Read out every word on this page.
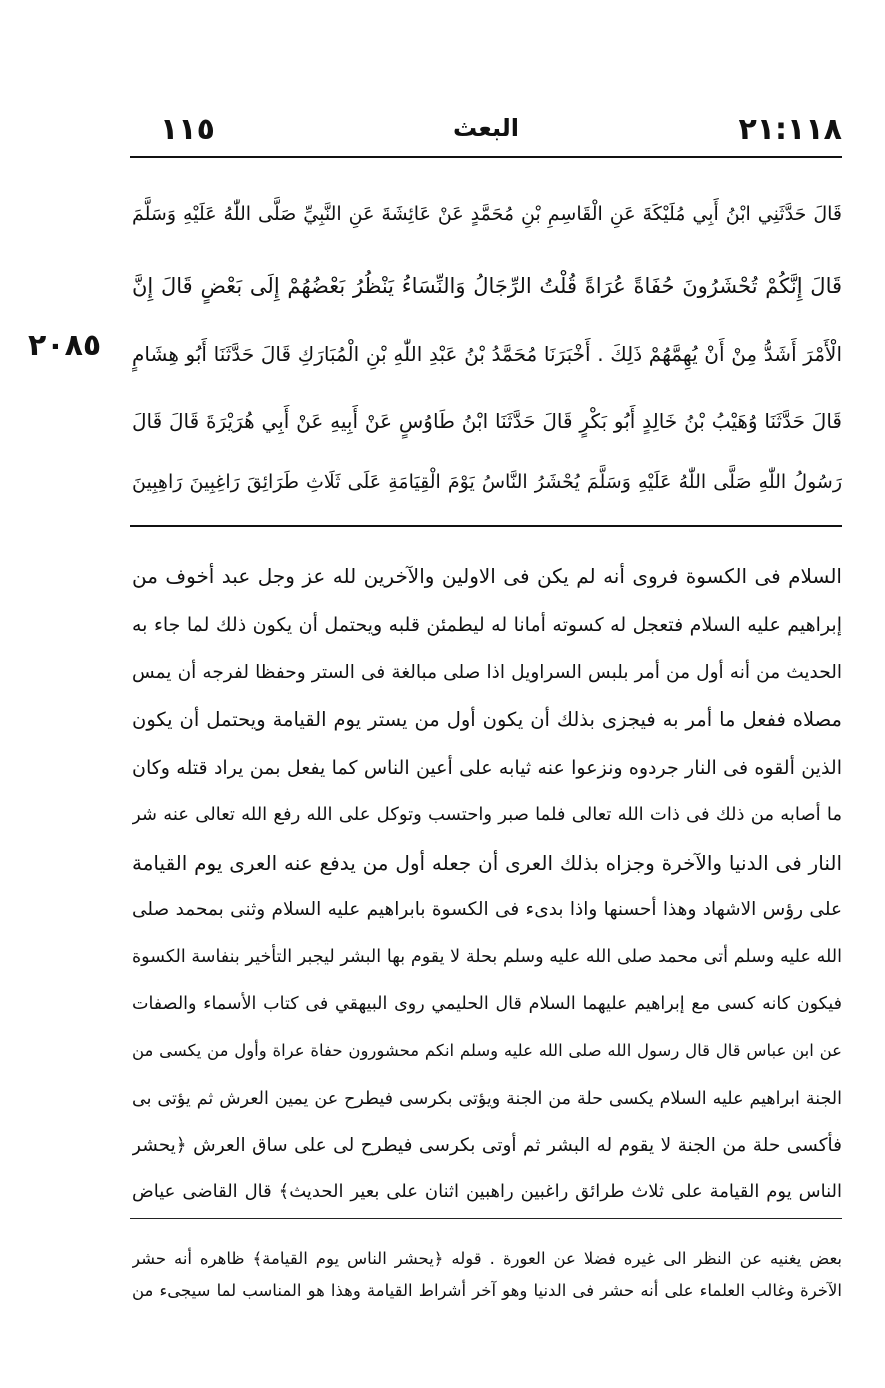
٢١:١١٨
البعث
١١٥
٢٠٨٥
قَالَ حَدَّثَنِي ابْنُ أَبِي مُلَيْكَةَ عَنِ الْقَاسِمِ بْنِ مُحَمَّدٍ عَنْ عَائِشَةَ عَنِ النَّبِيِّ صَلَّى اللّٰهُ عَلَيْهِ وَسَلَّمَ
قَالَ إِنَّكُمْ تُحْشَرُونَ حُفَاةً عُرَاةً قُلْتُ الرِّجَالُ وَالنِّسَاءُ يَنْظُرُ بَعْضُهُمْ إِلَى بَعْضٍ قَالَ إِنَّ
الْأَمْرَ أَشَدُّ مِنْ أَنْ يُهِمَّهُمْ ذَلِكَ . أَخْبَرَنَا مُحَمَّدُ بْنُ عَبْدِ اللّٰهِ بْنِ الْمُبَارَكِ قَالَ حَدَّثَنَا أَبُو هِشَامٍ
قَالَ حَدَّثَنَا وُهَيْبُ بْنُ خَالِدٍ أَبُو بَكْرٍ قَالَ حَدَّثَنَا ابْنُ طَاوُسٍ عَنْ أَبِيهِ عَنْ أَبِي هُرَيْرَةَ قَالَ قَالَ
رَسُولُ اللّٰهِ صَلَّى اللّٰهُ عَلَيْهِ وَسَلَّمَ يُحْشَرُ النَّاسُ يَوْمَ الْقِيَامَةِ عَلَى ثَلَاثِ طَرَائِقَ رَاغِبِينَ رَاهِبِينَ
السلام فى الكسوة فروى أنه لم يكن فى الاولين والآخرين لله عز وجل عبد أخوف من
إبراهيم عليه السلام فتعجل له كسوته أمانا له ليطمئن قلبه ويحتمل أن يكون ذلك لما جاء به
الحديث من أنه أول من أمر بلبس السراويل اذا صلى مبالغة فى الستر وحفظا لفرجه أن يمس
مصلاه ففعل ما أمر به فيجزى بذلك أن يكون أول من يستر يوم القيامة ويحتمل أن يكون
الذين ألقوه فى النار جردوه ونزعوا عنه ثيابه على أعين الناس كما يفعل بمن يراد قتله وكان
ما أصابه من ذلك فى ذات الله تعالى فلما صبر واحتسب وتوكل على الله رفع الله تعالى عنه شر
النار فى الدنيا والآخرة وجزاه بذلك العرى أن جعله أول من يدفع عنه العرى يوم القيامة
على رؤس الاشهاد وهذا أحسنها واذا بدىء فى الكسوة بابراهيم عليه السلام وثنى بمحمد صلى
الله عليه وسلم أتى محمد صلى الله عليه وسلم بحلة لا يقوم بها البشر ليجبر التأخير بنفاسة الكسوة
فيكون كانه كسى مع إبراهيم عليهما السلام قال الحليمي روى البيهقي فى كتاب الأسماء والصفات
عن ابن عباس قال قال رسول الله صلى الله عليه وسلم انكم محشورون حفاة عراة وأول من يكسى من
الجنة ابراهيم عليه السلام يكسى حلة من الجنة ويؤتى بكرسى فيطرح عن يمين العرش ثم يؤتى بى
فأكسى حلة من الجنة لا يقوم له البشر ثم أوتى بكرسى فيطرح لى على ساق العرش ﴿يحشر
الناس يوم القيامة على ثلاث طرائق راغبين راهبين اثنان على بعير الحديث﴾ قال القاضى عياض
بعض يغنيه عن النظر الى غيره فضلا عن العورة . قوله ﴿يحشر الناس يوم القيامة﴾ ظاهره أنه حشر
الآخرة وغالب العلماء على أنه حشر فى الدنيا وهو آخر أشراط القيامة وهذا هو المناسب لما سيجىء من
